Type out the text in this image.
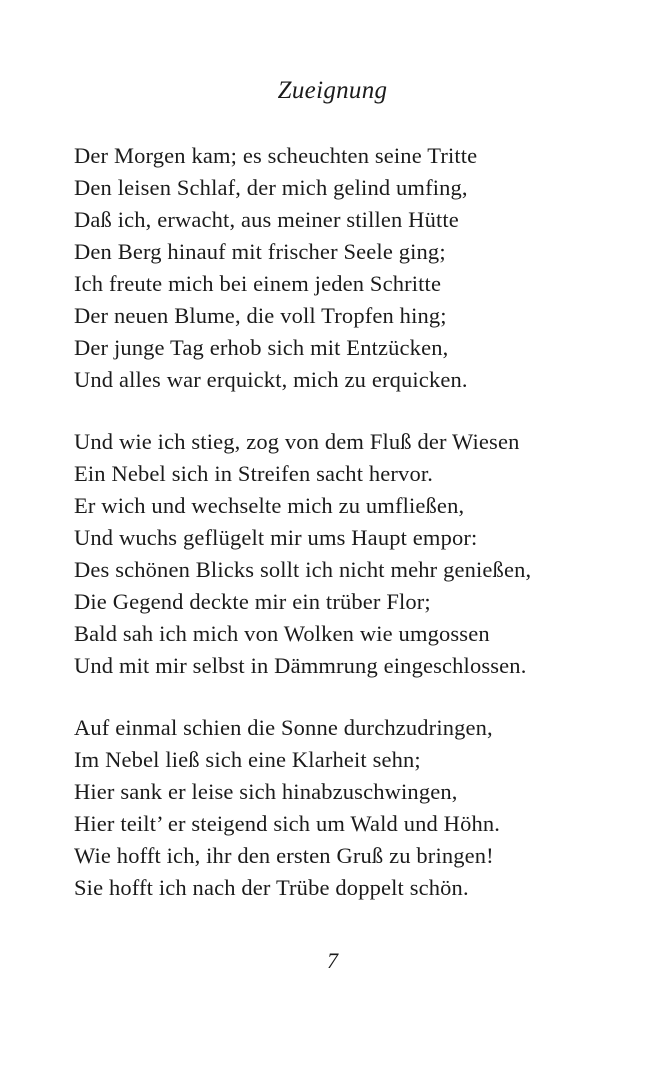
Zueignung
Der Morgen kam; es scheuchten seine Tritte
Den leisen Schlaf, der mich gelind umfing,
Daß ich, erwacht, aus meiner stillen Hütte
Den Berg hinauf mit frischer Seele ging;
Ich freute mich bei einem jeden Schritte
Der neuen Blume, die voll Tropfen hing;
Der junge Tag erhob sich mit Entzücken,
Und alles war erquickt, mich zu erquicken.
Und wie ich stieg, zog von dem Fluß der Wiesen
Ein Nebel sich in Streifen sacht hervor.
Er wich und wechselte mich zu umfließen,
Und wuchs geflügelt mir ums Haupt empor:
Des schönen Blicks sollt ich nicht mehr genießen,
Die Gegend deckte mir ein trüber Flor;
Bald sah ich mich von Wolken wie umgossen
Und mit mir selbst in Dämmrung eingeschlossen.
Auf einmal schien die Sonne durchzudringen,
Im Nebel ließ sich eine Klarheit sehn;
Hier sank er leise sich hinabzuschwingen,
Hier teilt’ er steigend sich um Wald und Höhn.
Wie hofft ich, ihr den ersten Gruß zu bringen!
Sie hofft ich nach der Trübe doppelt schön.
7
